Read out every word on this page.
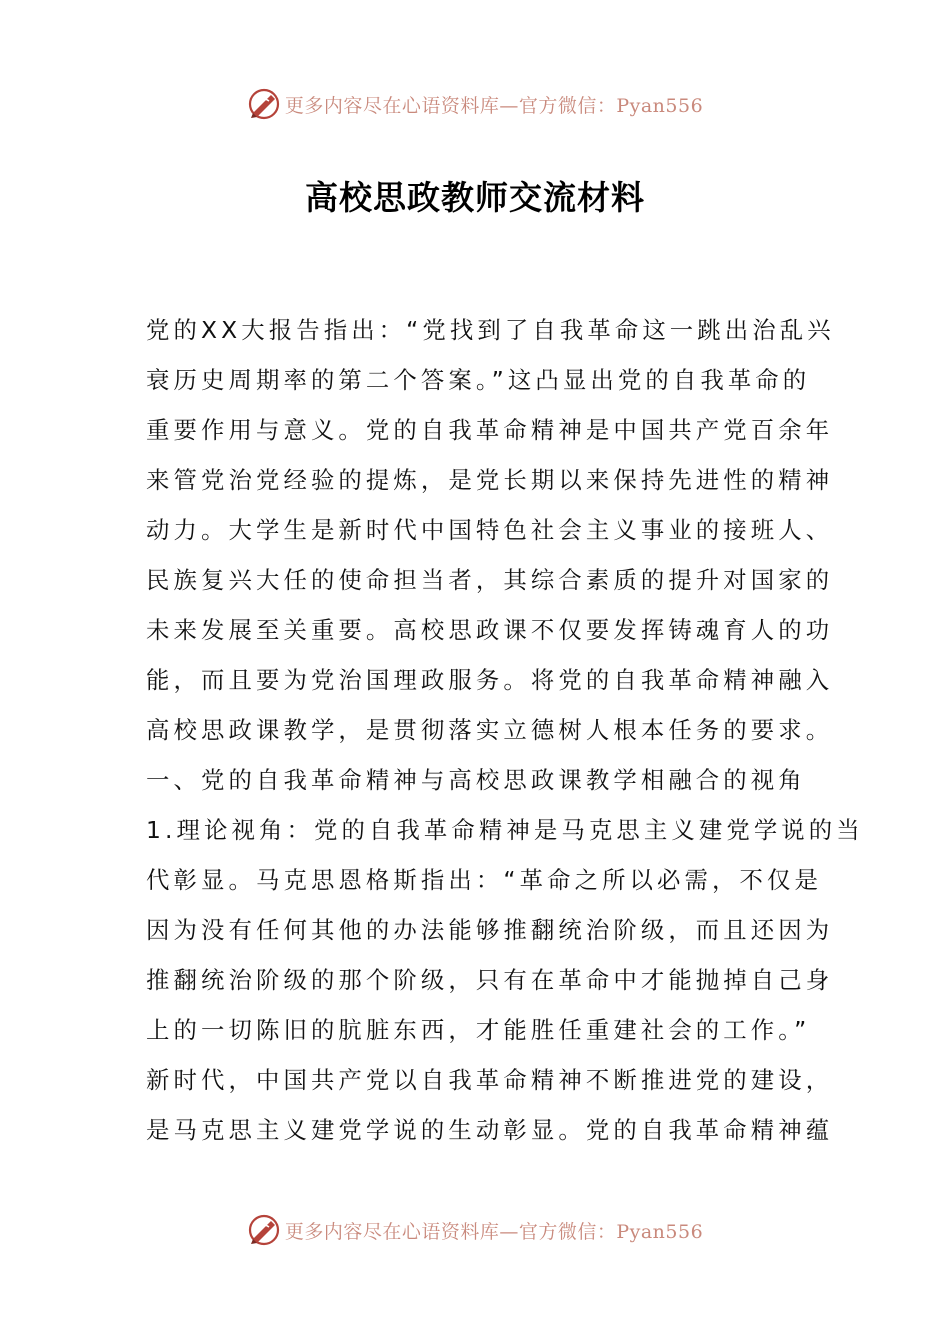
更多内容尽在心语资料库—官方微信：Pyan556
高校思政教师交流材料
党的XX大报告指出：“党找到了自我革命这一跳出治乱兴
衰历史周期率的第二个答案。”这凸显出党的自我革命的
重要作用与意义。党的自我革命精神是中国共产党百余年
来管党治党经验的提炼，是党长期以来保持先进性的精神
动力。大学生是新时代中国特色社会主义事业的接班人、
民族复兴大任的使命担当者，其综合素质的提升对国家的
未来发展至关重要。高校思政课不仅要发挥铸魂育人的功
能，而且要为党治国理政服务。将党的自我革命精神融入
高校思政课教学，是贯彻落实立德树人根本任务的要求。
一、党的自我革命精神与高校思政课教学相融合的视角
1.理论视角：党的自我革命精神是马克思主义建党学说的当
代彰显。马克思恩格斯指出：“革命之所以必需，不仅是
因为没有任何其他的办法能够推翻统治阶级，而且还因为
推翻统治阶级的那个阶级，只有在革命中才能抛掉自己身
上的一切陈旧的肮脏东西，才能胜任重建社会的工作。”
新时代，中国共产党以自我革命精神不断推进党的建设，
是马克思主义建党学说的生动彰显。党的自我革命精神蕴
更多内容尽在心语资料库—官方微信：Pyan556
